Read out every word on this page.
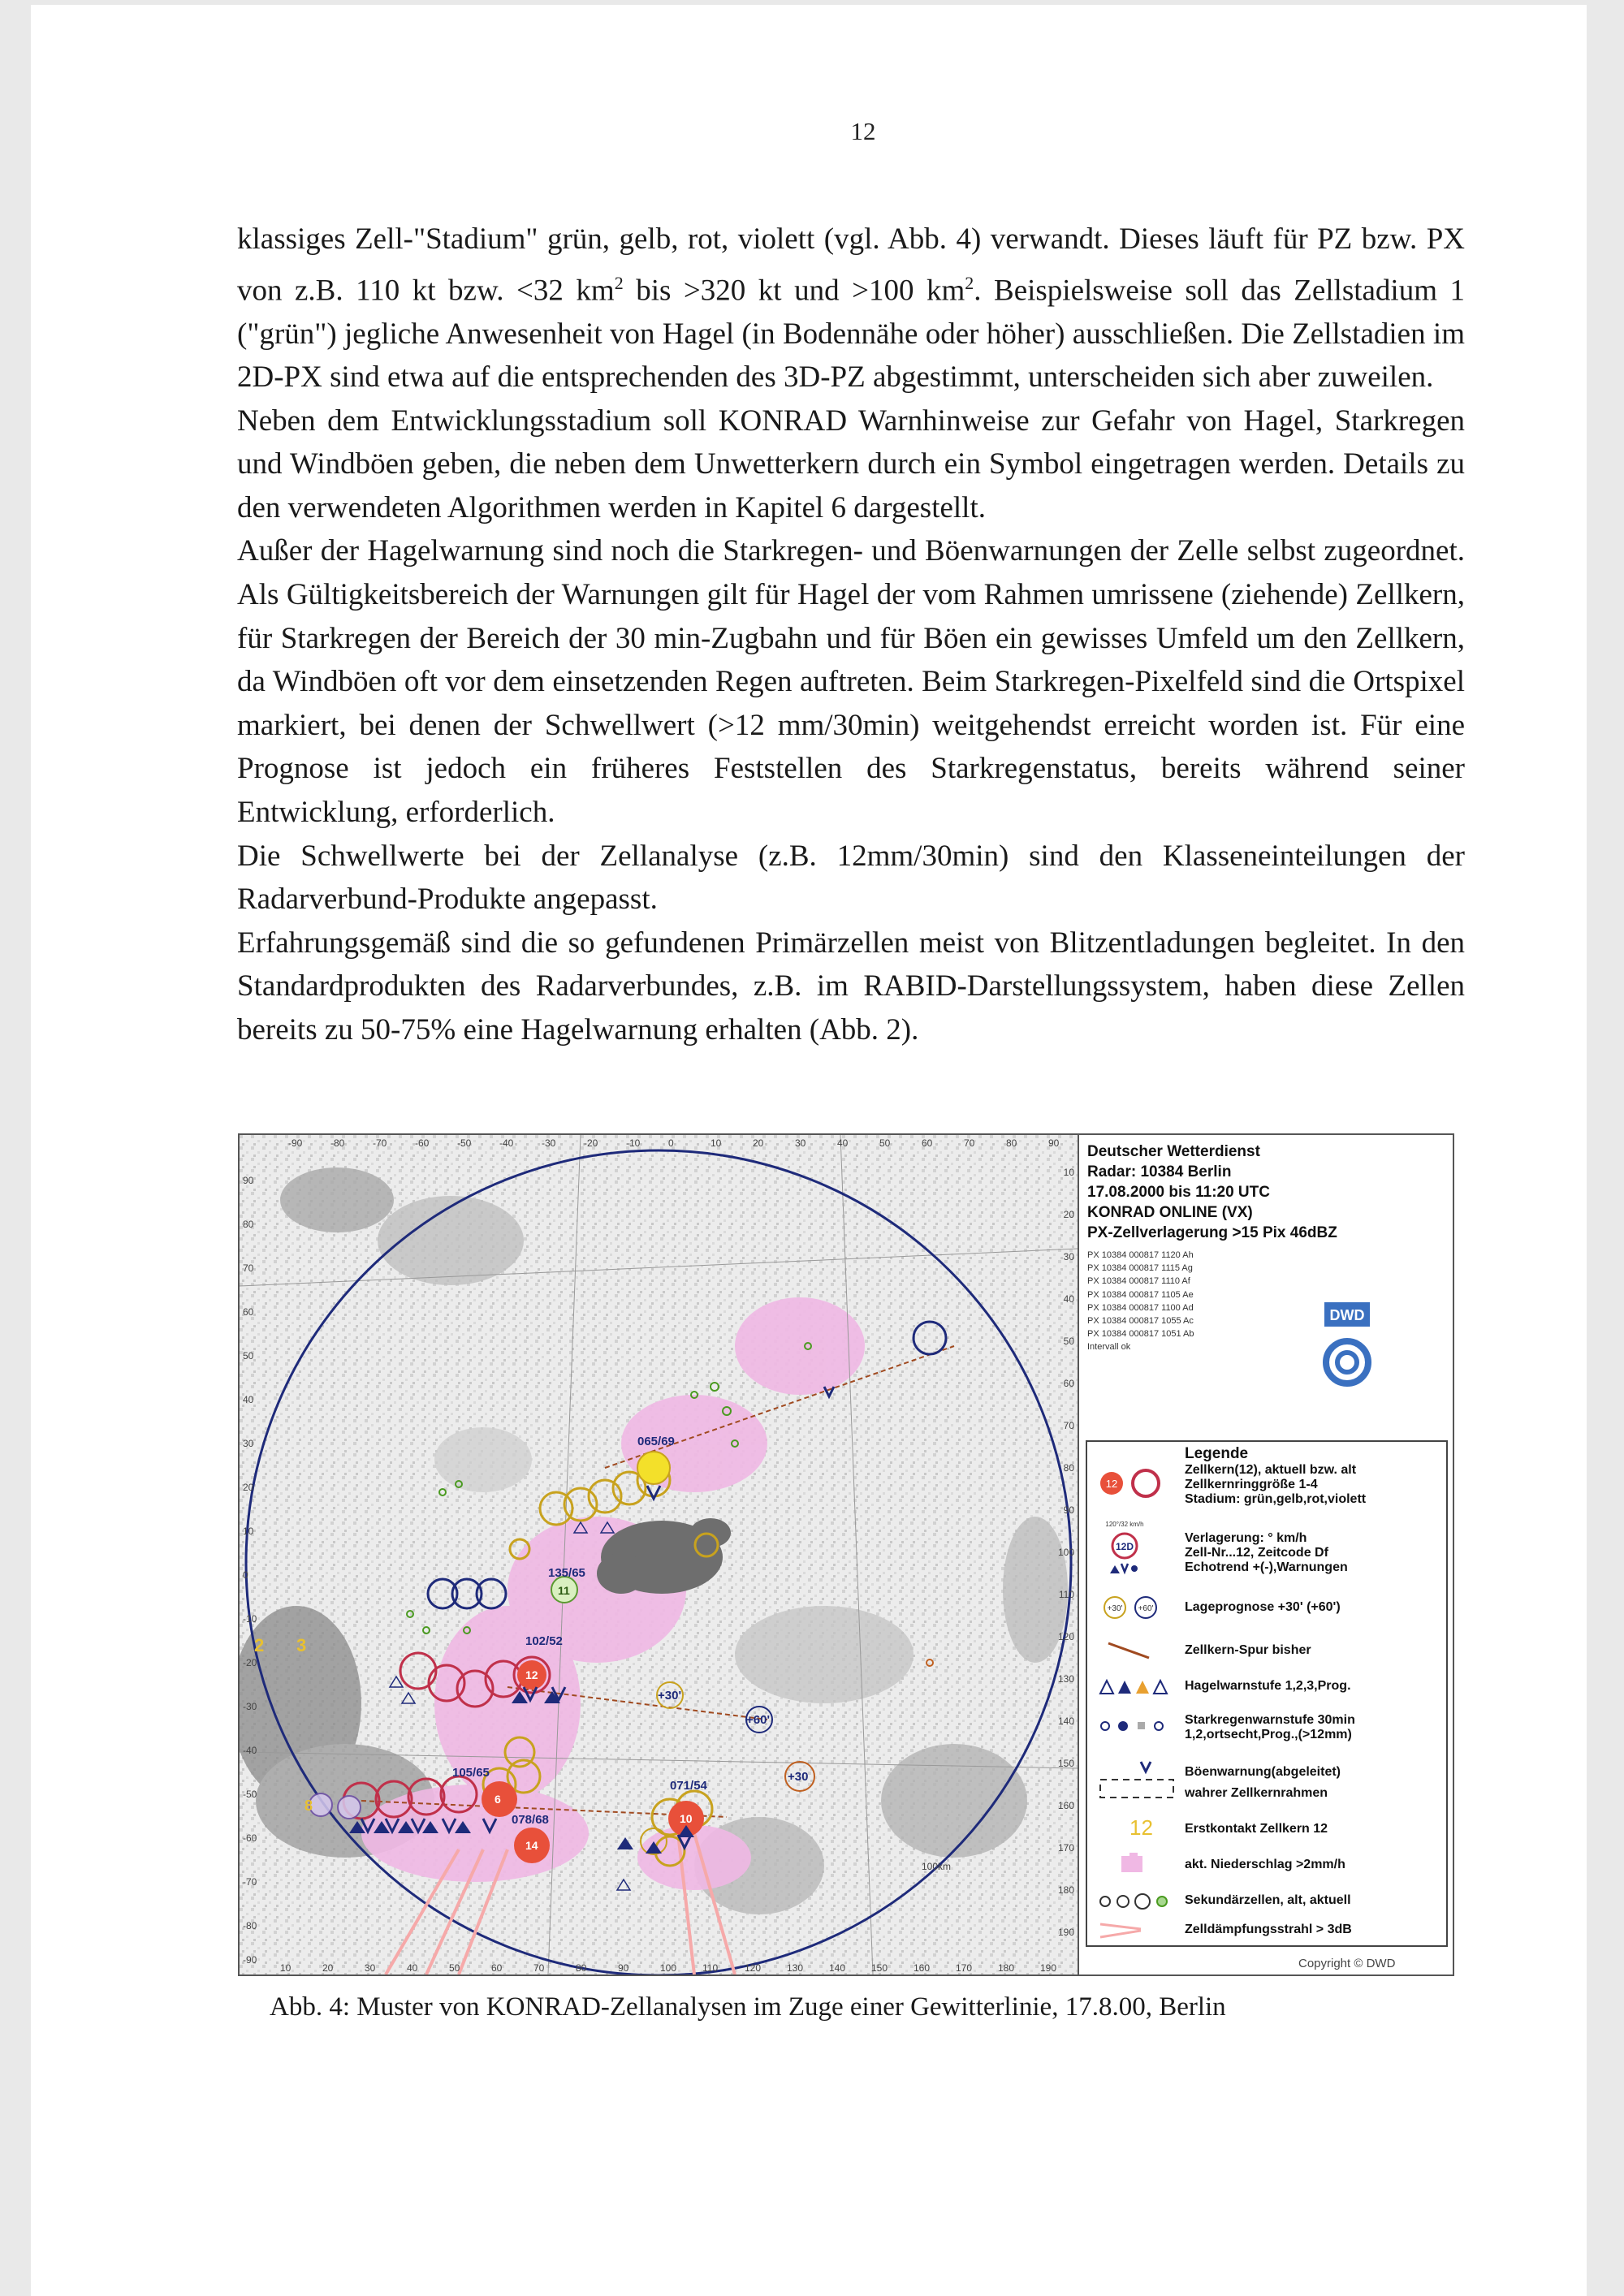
12

klassiges Zell-"Stadium" grün, gelb, rot, violett (vgl. Abb. 4) verwandt. Dieses läuft für PZ bzw. PX von z.B. 110 kt bzw. <32 $km^2$ bis >320 kt und >100 $km^2$. Beispielsweise soll das Zellstadium 1 ("grün") jegliche Anwesenheit von Hagel (in Bodennähe oder höher) ausschließen. Die Zellstadien im 2D-PX sind etwa auf die entsprechenden des 3D-PZ abgestimmt, unterscheiden sich aber zuweilen.

Neben dem Entwicklungsstadium soll KONRAD Warnhinweise zur Gefahr von Hagel, Starkregen und Windböen geben, die neben dem Unwetterkern durch ein Symbol eingetragen werden. Details zu den verwendeten Algorithmen werden in Kapitel 6 dargestellt.

Außer der Hagelwarnung sind noch die Starkregen- und Böenwarnungen der Zelle selbst zugeordnet. Als Gültigkeitsbereich der Warnungen gilt für Hagel der vom Rahmen umrissene (ziehende) Zellkern, für Starkregen der Bereich der 30 min-Zugbahn und für Böen ein gewisses Umfeld um den Zellkern, da Windböen oft vor dem einsetzenden Regen auftreten. Beim Starkregen-Pixelfeld sind die Ortspixel markiert, bei denen der Schwellwert (>12 mm/30min) weitgehendst erreicht worden ist. Für eine Prognose ist jedoch ein früheres Feststellen des Starkregenstatus, bereits während seiner Entwicklung, erforderlich.

Die Schwellwerte bei der Zellanalyse (z.B. 12mm/30min) sind den Klasseneinteilungen der Radarverbund-Produkte angepasst.

Erfahrungsgemäß sind die so gefundenen Primärzellen meist von Blitzentladungen begleitet. In den Standardprodukten des Radarverbundes, z.B. im RABID-Darstellungssystem, haben diese Zellen bereits zu 50-75% eine Hagelwarnung erhalten (Abb. 2).

-90	-80	-70	-60	-50	-40	-30	-20	-10	0	10	20	30	40	50	60	70	80	90
90
80
70
60
50
40
30
20
10
0
-10
-20
-30
-40
-50
-60
-70
-80
-90
10	20	30	40	50	60	70	80	90	100	110	120	130	140	150	160	170	180	190
10
20
30
40
50
60
70
80
90
100
110
120
130
140
150
160
170
180
190
065/69
135/65
102/52
105/65
078/68
071/54
+30'
+60'
+30
2 3
12
6
8
11
14
10
100km
Deutscher Wetterdienst
Radar: 10384 Berlin
17.08.2000 bis 11:20 UTC
KONRAD ONLINE (VX)
PX-Zellverlagerung >15 Pix 46dBZ
PX 10384 000817 1120 Ah
PX 10384 000817 1115 Ag
PX 10384 000817 1110 Af
PX 10384 000817 1105 Ae
PX 10384 000817 1100 Ad
PX 10384 000817 1055 Ac
PX 10384 000817 1051 Ab
Intervall ok
DWD
Legende
12
Zellkern(12), aktuell bzw. alt
Zellkernringgröße 1-4
Stadium: grün,gelb,rot,violett
120°/32 km/h
12D
Verlagerung: ° km/h
Zell-Nr...12, Zeitcode Df
Echotrend +(-),Warnungen
+30' +60' Lageprognose +30' (+60')
Zellkern-Spur bisher
Hagelwarnstufe 1,2,3,Prog.
Starkregenwarnstufe 30min
1,2,ortsecht,Prog.,(>12mm)
Böenwarnung(abgeleitet)
wahrer Zellkernrahmen
12 Erstkontakt Zellkern 12
akt. Niederschlag >2mm/h
Sekundärzellen, alt, aktuell
Zelldämpfungsstrahl > 3dB
Copyright © DWD
Abb. 4: Muster von KONRAD-Zellanalysen im Zuge einer Gewitterlinie, 17.8.00, Berlin
